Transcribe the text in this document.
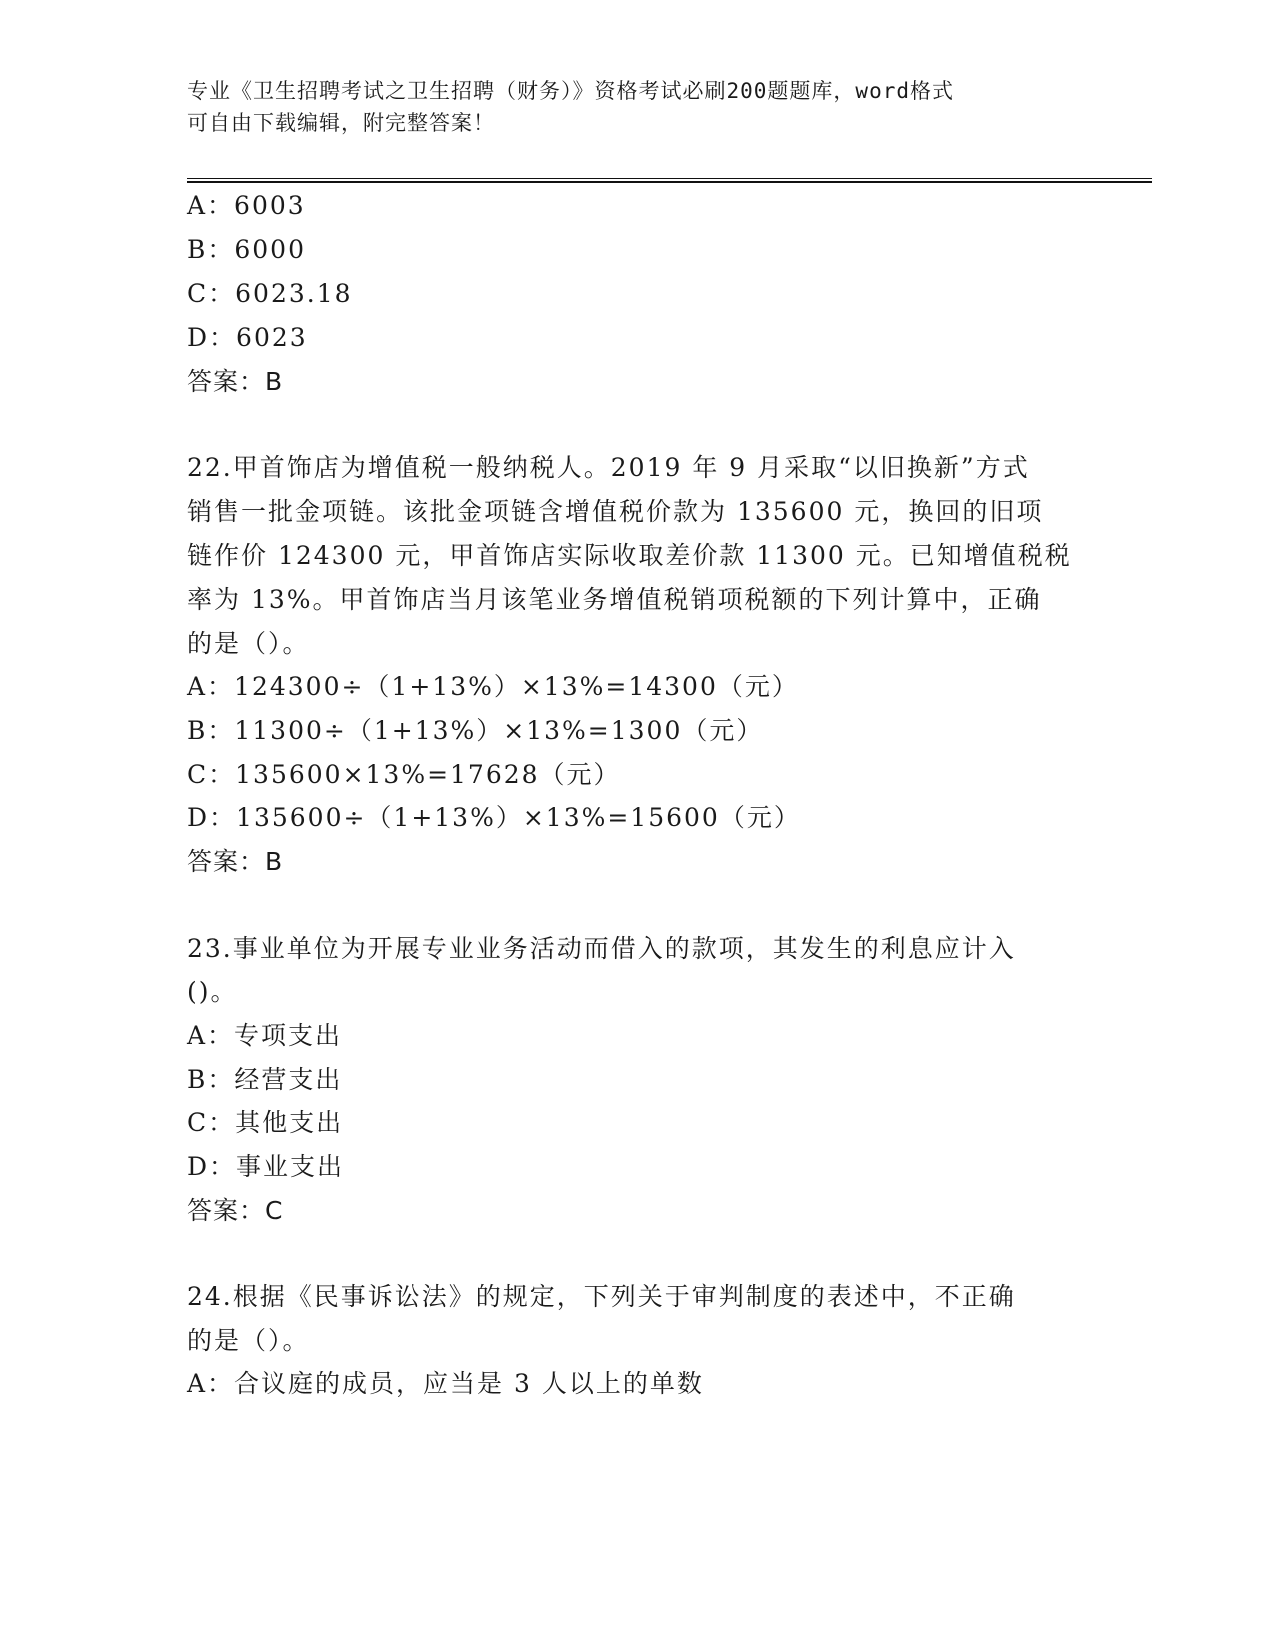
专业《卫生招聘考试之卫生招聘（财务）》资格考试必刷200题题库，word格式
可自由下载编辑，附完整答案！
A：6003
B：6000
C：6023.18
D：6023
答案：B
22.甲首饰店为增值税一般纳税人。2019 年 9 月采取“以旧换新”方式
销售一批金项链。该批金项链含增值税价款为 135600 元，换回的旧项
链作价 124300 元，甲首饰店实际收取差价款 11300 元。已知增值税税
率为 13%。甲首饰店当月该笔业务增值税销项税额的下列计算中，正确
的是（）。
A：124300÷（1+13%）×13%=14300（元）
B：11300÷（1+13%）×13%=1300（元）
C：135600×13%=17628（元）
D：135600÷（1+13%）×13%=15600（元）
答案：B
23.事业单位为开展专业业务活动而借入的款项，其发生的利息应计入
()。
A：专项支出
B：经营支出
C：其他支出
D：事业支出
答案：C
24.根据《民事诉讼法》的规定，下列关于审判制度的表述中，不正确
的是（）。
A：合议庭的成员，应当是 3 人以上的单数
